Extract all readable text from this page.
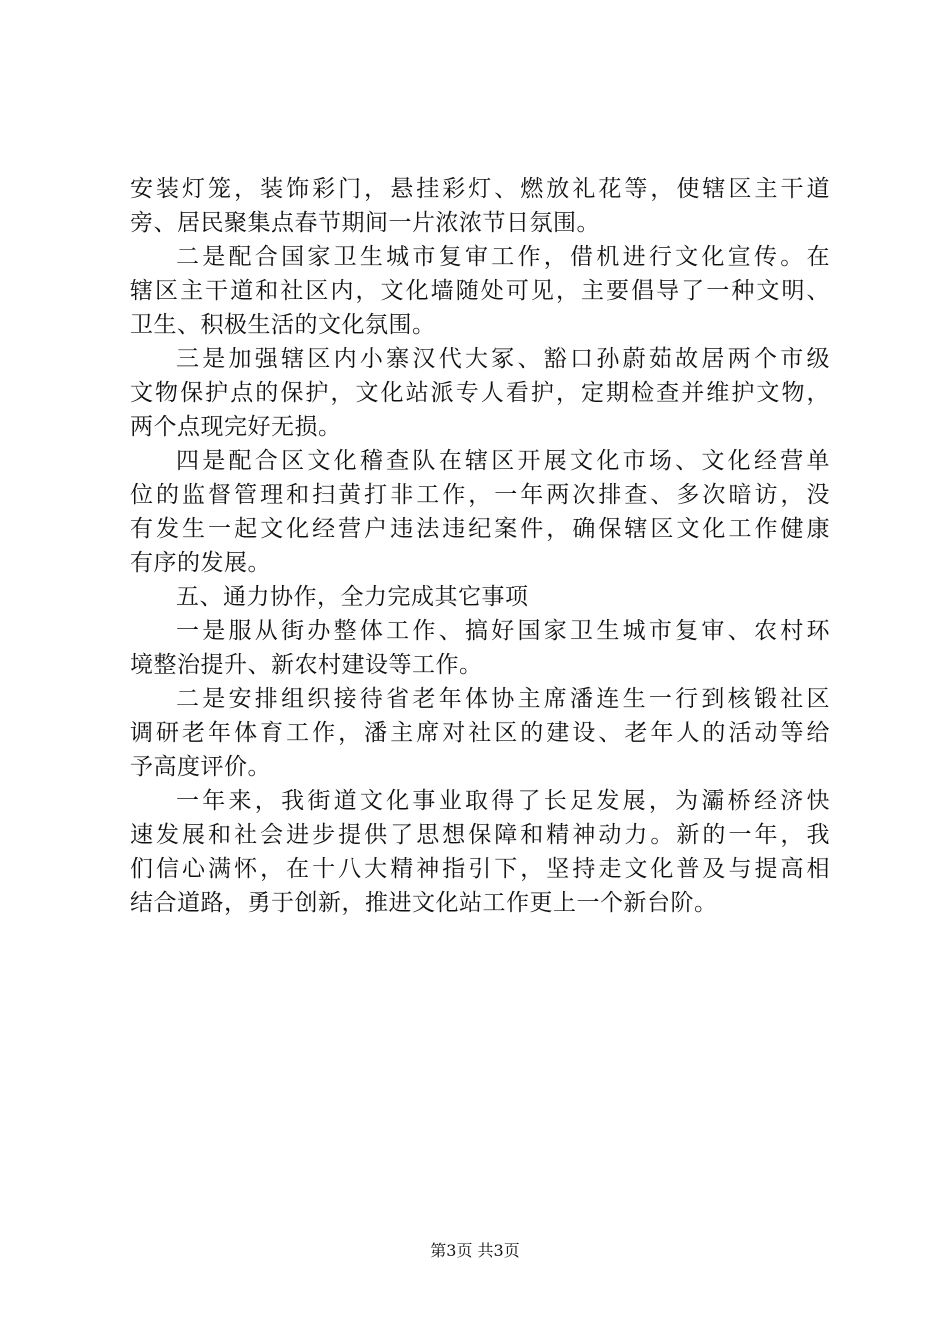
安装灯笼，装饰彩门，悬挂彩灯、燃放礼花等，使辖区主干道
旁、居民聚集点春节期间一片浓浓节日氛围。
二是配合国家卫生城市复审工作，借机进行文化宣传。在
辖区主干道和社区内，文化墙随处可见，主要倡导了一种文明、
卫生、积极生活的文化氛围。
三是加强辖区内小寨汉代大冢、豁口孙蔚茹故居两个市级
文物保护点的保护，文化站派专人看护，定期检查并维护文物，
两个点现完好无损。
四是配合区文化稽查队在辖区开展文化市场、文化经营单
位的监督管理和扫黄打非工作，一年两次排查、多次暗访，没
有发生一起文化经营户违法违纪案件，确保辖区文化工作健康
有序的发展。
五、通力协作，全力完成其它事项
一是服从街办整体工作、搞好国家卫生城市复审、农村环
境整治提升、新农村建设等工作。
二是安排组织接待省老年体协主席潘连生一行到核锻社区
调研老年体育工作，潘主席对社区的建设、老年人的活动等给
予高度评价。
一年来，我街道文化事业取得了长足发展，为灞桥经济快
速发展和社会进步提供了思想保障和精神动力。新的一年，我
们信心满怀，在十八大精神指引下，坚持走文化普及与提高相
结合道路，勇于创新，推进文化站工作更上一个新台阶。
第3页 共3页
